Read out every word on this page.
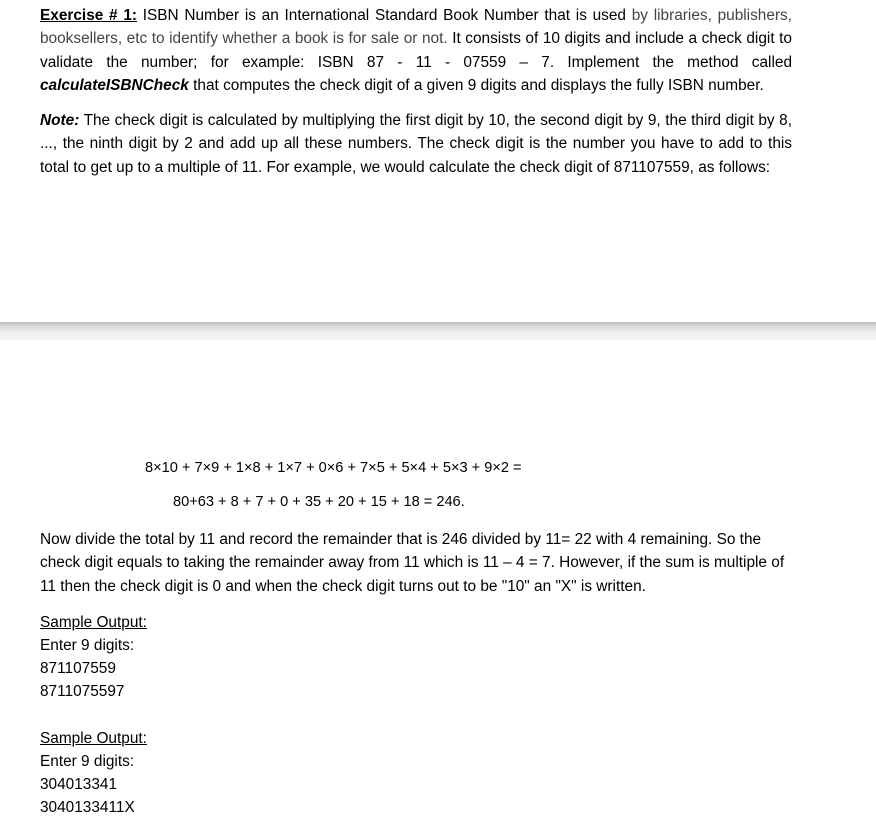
Exercise # 1: ISBN Number is an International Standard Book Number that is used by libraries, publishers, booksellers, etc to identify whether a book is for sale or not. It consists of 10 digits and include a check digit to validate the number; for example: ISBN 87 - 11 - 07559 – 7. Implement the method called calculateISBNCheck that computes the check digit of a given 9 digits and displays the fully ISBN number.

Note: The check digit is calculated by multiplying the first digit by 10, the second digit by 9, the third digit by 8, ..., the ninth digit by 2 and add up all these numbers. The check digit is the number you have to add to this total to get up to a multiple of 11. For example, we would calculate the check digit of 871107559, as follows:

8×10 + 7×9 + 1×8 + 1×7 + 0×6 + 7×5 + 5×4 + 5×3 + 9×2 =

80+63 + 8 + 7 + 0 + 35 + 20 + 15 + 18 = 246.

Now divide the total by 11 and record the remainder that is 246 divided by 11= 22 with 4 remaining. So the check digit equals to taking the remainder away from 11 which is 11 – 4 = 7. However, if the sum is multiple of 11 then the check digit is 0 and when the check digit turns out to be "10" an "X" is written.

Sample Output:
Enter 9 digits:
871107559
8711075597
Sample Output:
Enter 9 digits:
304013341
3040133411X
